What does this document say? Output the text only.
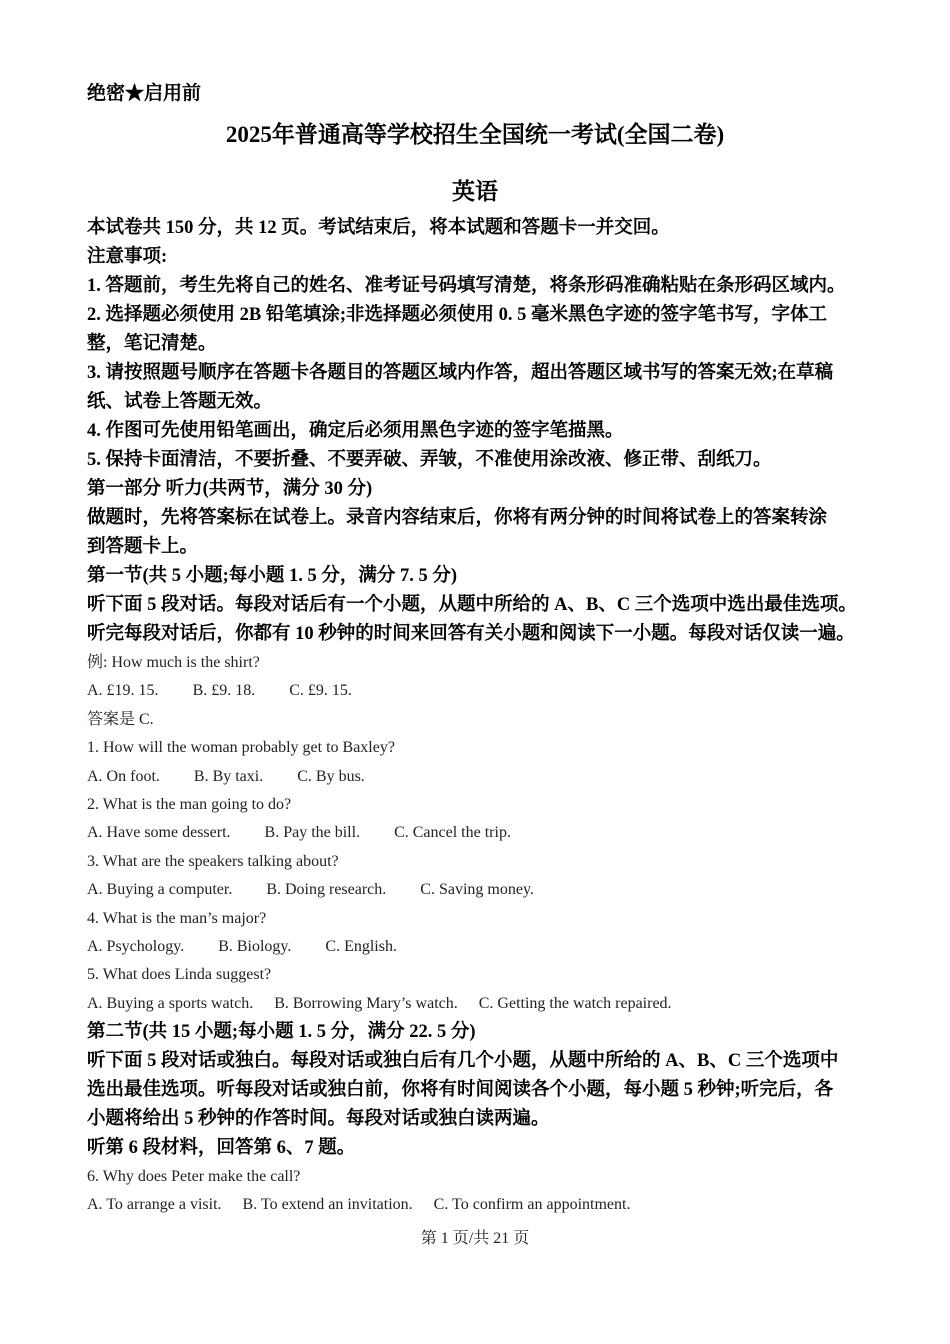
绝密★启用前
2025年普通高等学校招生全国统一考试(全国二卷)
英语
本试卷共 150 分，共 12 页。考试结束后，将本试题和答题卡一并交回。
注意事项:
1. 答题前，考生先将自己的姓名、准考证号码填写清楚，将条形码准确粘贴在条形码区域内。
2. 选择题必须使用 2B 铅笔填涂;非选择题必须使用 0. 5 毫米黑色字迹的签字笔书写，字体工
整，笔记清楚。
3. 请按照题号顺序在答题卡各题目的答题区域内作答，超出答题区域书写的答案无效;在草稿
纸、试卷上答题无效。
4. 作图可先使用铅笔画出，确定后必须用黑色字迹的签字笔描黑。
5. 保持卡面清洁，不要折叠、不要弄破、弄皱，不准使用涂改液、修正带、刮纸刀。
第一部分 听力(共两节，满分 30 分)
做题时，先将答案标在试卷上。录音内容结束后，你将有两分钟的时间将试卷上的答案转涂
到答题卡上。
第一节(共 5 小题;每小题 1. 5 分，满分 7. 5 分)
听下面 5 段对话。每段对话后有一个小题，从题中所给的 A、B、C 三个选项中选出最佳选项。
听完每段对话后，你都有 10 秒钟的时间来回答有关小题和阅读下一小题。每段对话仅读一遍。
例: How much is the shirt?
A. £19. 15. B. £9. 18. C. £9. 15.
答案是 C.
1. How will the woman probably get to Baxley?
A. On foot. B. By taxi. C. By bus.
2. What is the man going to do?
A. Have some dessert. B. Pay the bill. C. Cancel the trip.
3. What are the speakers talking about?
A. Buying a computer. B. Doing research. C. Saving money.
4. What is the man’s major?
A. Psychology. B. Biology. C. English.
5. What does Linda suggest?
A. Buying a sports watch. B. Borrowing Mary’s watch. C. Getting the watch repaired.
第二节(共 15 小题;每小题 1. 5 分，满分 22. 5 分)
听下面 5 段对话或独白。每段对话或独白后有几个小题，从题中所给的 A、B、C 三个选项中
选出最佳选项。听每段对话或独白前，你将有时间阅读各个小题，每小题 5 秒钟;听完后，各
小题将给出 5 秒钟的作答时间。每段对话或独白读两遍。
听第 6 段材料，回答第 6、7 题。
6. Why does Peter make the call?
A. To arrange a visit. B. To extend an invitation. C. To confirm an appointment.
第 1 页/共 21 页
